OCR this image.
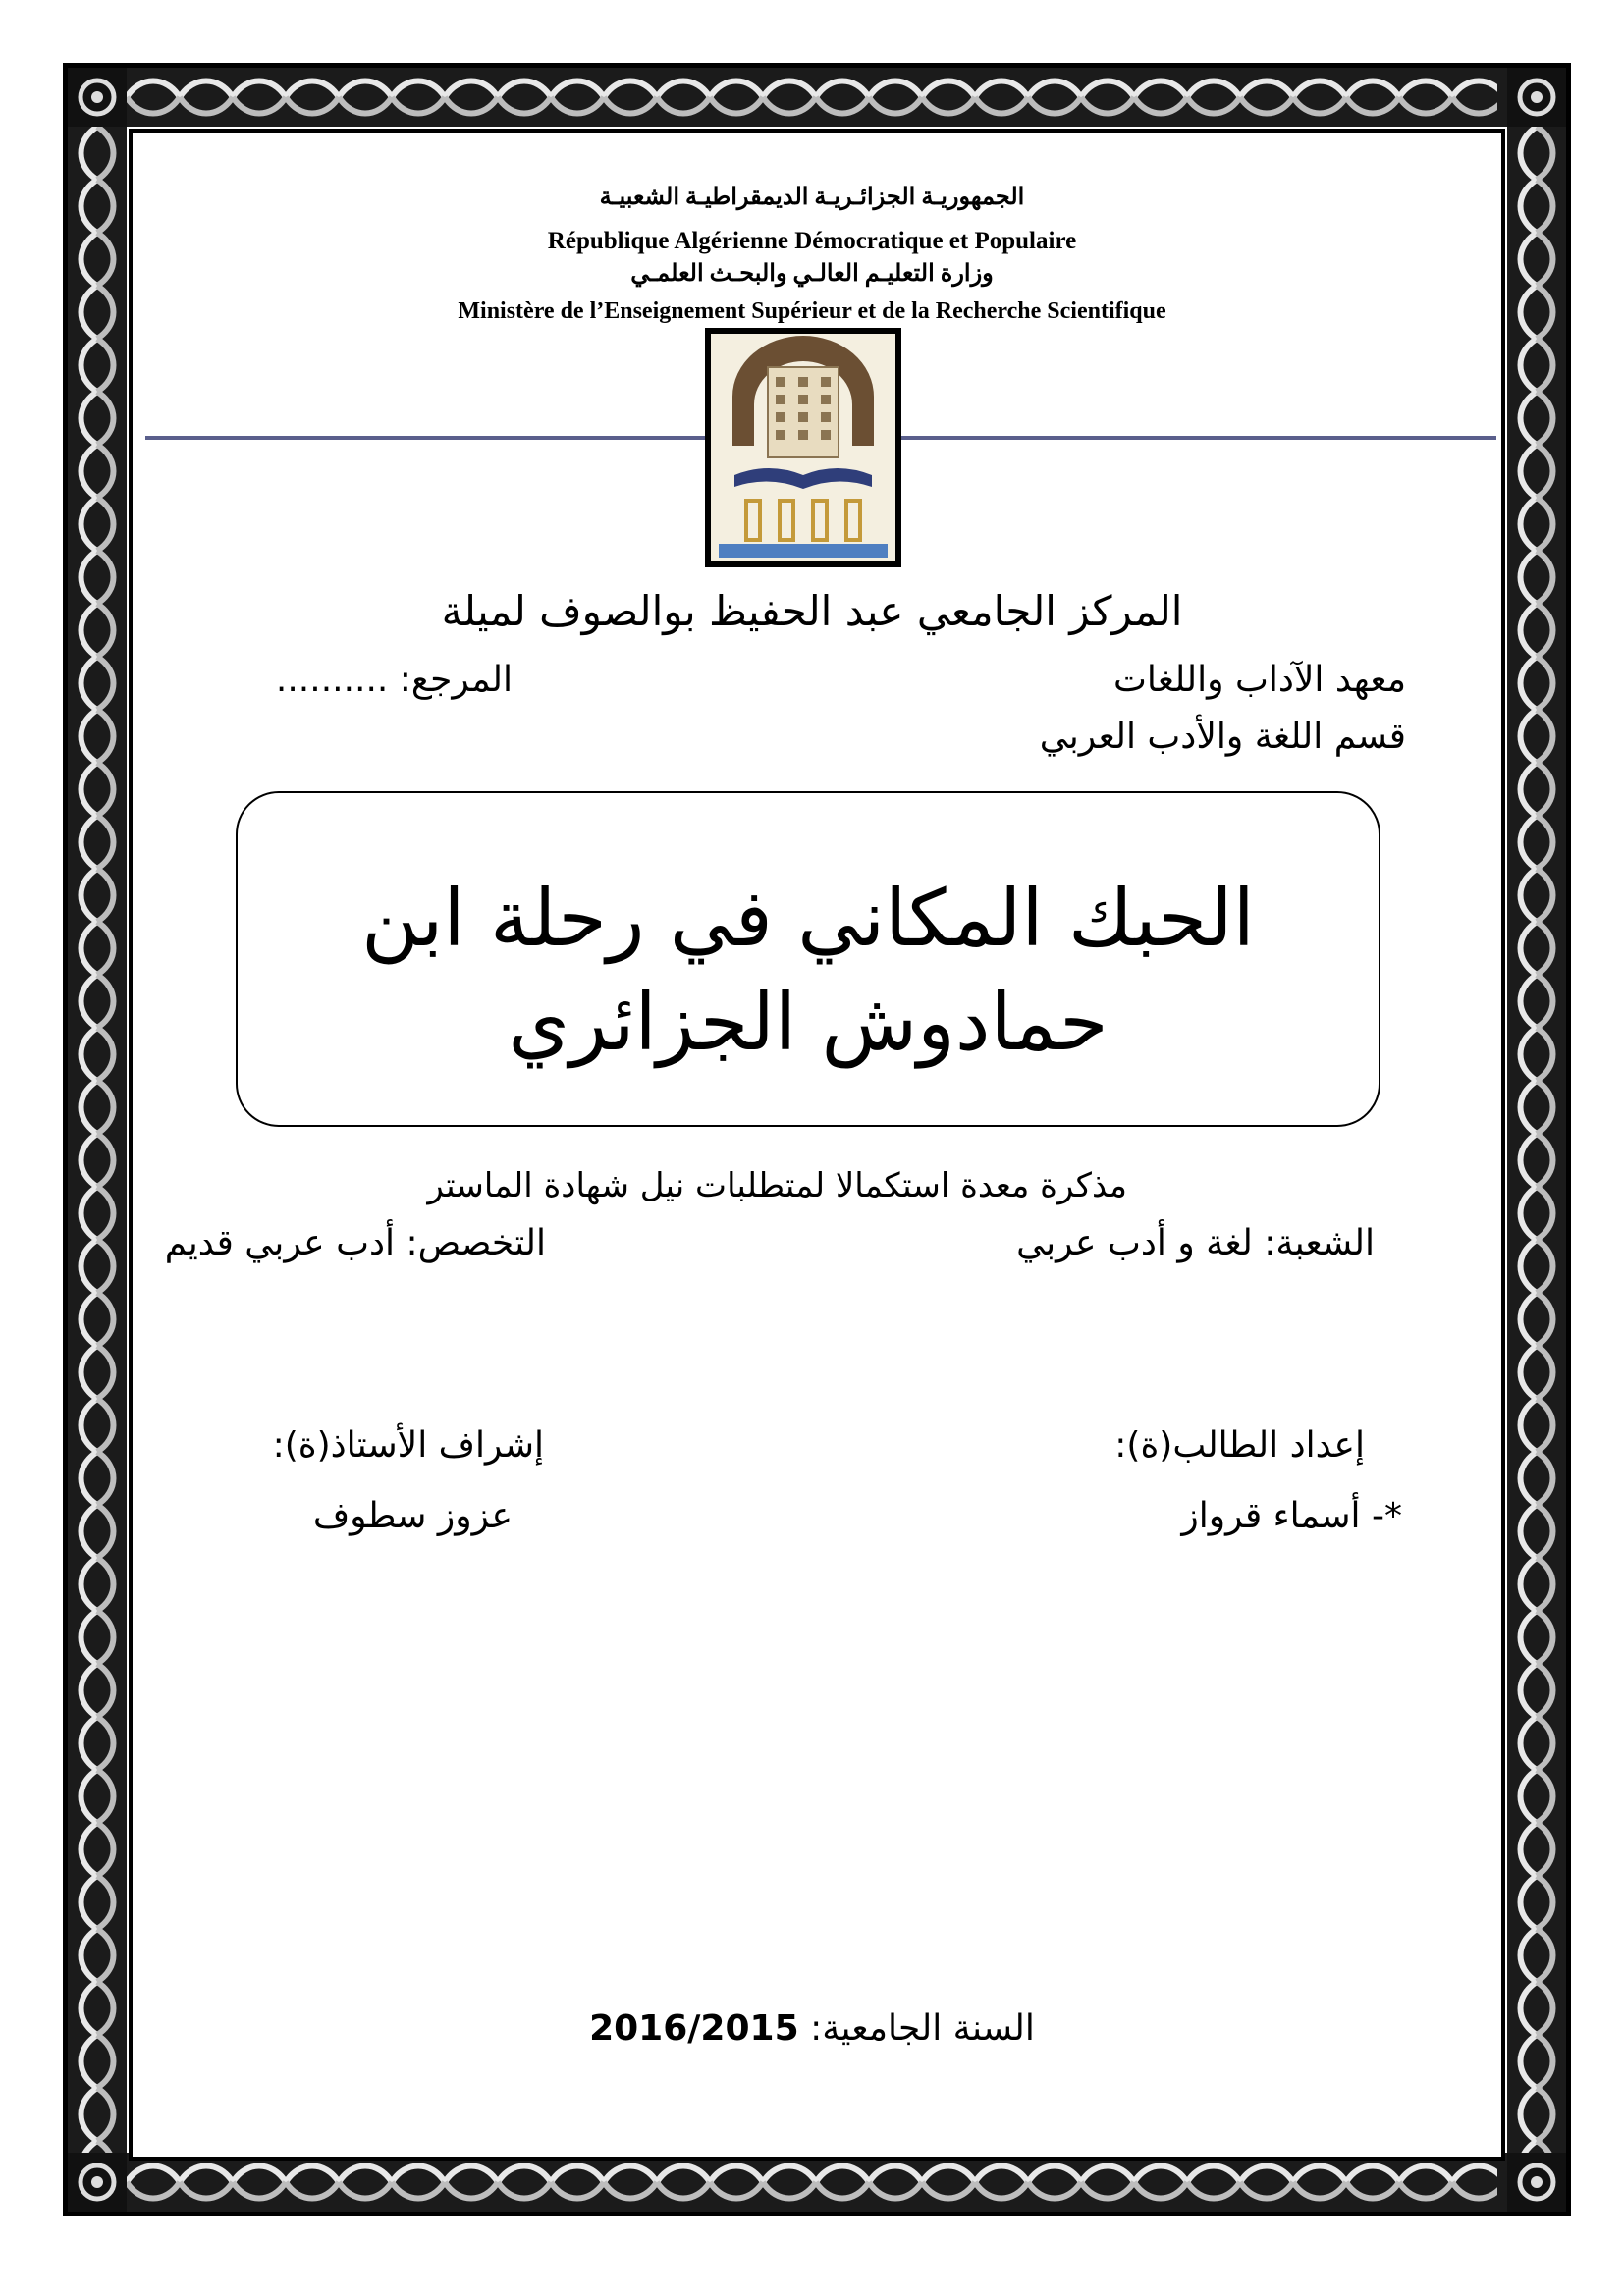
الجمهوريـة الجزائـريـة الديمقراطيـة الشعبيـة
République Algérienne Démocratique et Populaire
وزارة التعليـم العالـي والبحـث العلمـي
Ministère de l’Enseignement Supérieur et de la Recherche Scientifique
المركز الجامعي عبد الحفيظ بوالصوف لميلة
معهد الآداب واللغات
المرجع: ..........
قسم اللغة والأدب العربي
الحبك المكاني في رحلة ابن
حمادوش الجزائري
مذكرة معدة استكمالا لمتطلبات نيل شهادة الماستر
الشعبة: لغة و أدب عربي
التخصص: أدب عربي قديم
إعداد الطالب(ة):
*- أسماء قرواز
إشراف الأستاذ(ة):
عزوز سطوف
السنة الجامعية: 2016/2015
